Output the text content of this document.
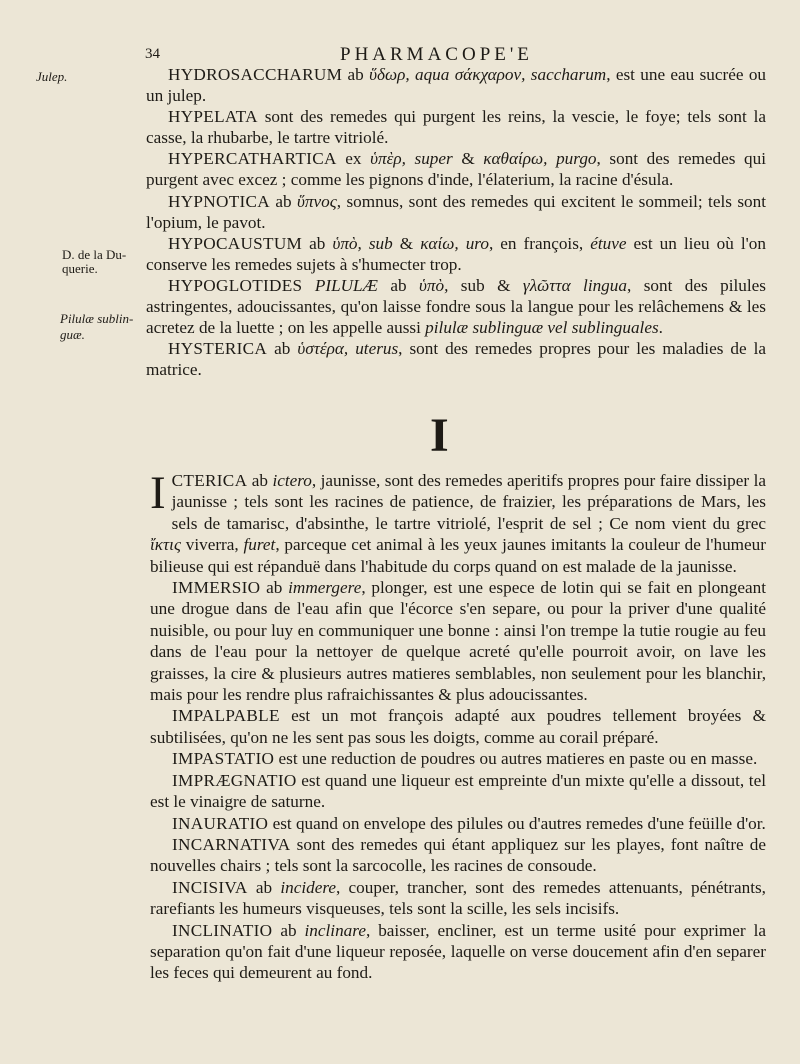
34	PHARMACOPE'E
Julep.
D. de la Du-
querie.
Pilulæ sublin-
guæ.

HYDROSACCHARUM ab ὕδωρ, aqua σάκχαρον, saccharum, est une eau sucrée ou un julep.

HYPELATA sont des remedes qui purgent les reins, la vescie, le foye; tels sont la casse, la rhubarbe, le tartre vitriolé.

HYPERCATHARTICA ex ὑπὲρ, super & καθαίρω, purgo, sont des remedes qui purgent avec excez ; comme les pignons d'inde, l'élaterium, la racine d'ésula.

HYPNOTICA ab ὕπνος, somnus, sont des remedes qui excitent le sommeil; tels sont l'opium, le pavot.

HYPOCAUSTUM ab ὑπὸ, sub & καίω, uro, en françois, étuve est un lieu où l'on conserve les remedes sujets à s'humecter trop.

HYPOGLOTIDES PILULÆ ab ὑπὸ, sub & γλῶττα lingua, sont des pilules astringentes, adoucissantes, qu'on laisse fondre sous la langue pour les relâchemens & les acretez de la luette ; on les appelle aussi pilulæ sublinguæ vel sublinguales.

HYSTERICA ab ὑστέρα, uterus, sont des remedes propres pour les maladies de la matrice.

I

ICTERICA ab ictero, jaunisse, sont des remedes aperitifs propres pour faire dissiper la jaunisse ; tels sont les racines de patience, de fraizier, les préparations de Mars, les sels de tamarisc, d'absinthe, le tartre vitriolé, l'esprit de sel ; Ce nom vient du grec ἴκτις viverra, furet, parceque cet animal à les yeux jaunes imitants la couleur de l'humeur bilieuse qui est répanduë dans l'habitude du corps quand on est malade de la jaunisse.

IMMERSIO ab immergere, plonger, est une espece de lotin qui se fait en plongeant une drogue dans de l'eau afin que l'écorce s'en separe, ou pour la priver d'une qualité nuisible, ou pour luy en communiquer une bonne : ainsi l'on trempe la tutie rougie au feu dans de l'eau pour la nettoyer de quelque acreté qu'elle pourroit avoir, on lave les graisses, la cire & plusieurs autres matieres semblables, non seulement pour les blanchir, mais pour les rendre plus rafraichissantes & plus adoucissantes.

IMPALPABLE est un mot françois adapté aux poudres tellement broyées & subtilisées, qu'on ne les sent pas sous les doigts, comme au corail préparé.

IMPASTATIO est une reduction de poudres ou autres matieres en paste ou en masse.

IMPRÆGNATIO est quand une liqueur est empreinte d'un mixte qu'elle a dissout, tel est le vinaigre de saturne.

INAURATIO est quand on envelope des pilules ou d'autres remedes d'une feüille d'or.

INCARNATIVA sont des remedes qui étant appliquez sur les playes, font naître de nouvelles chairs ; tels sont la sarcocolle, les racines de consoude.

INCISIVA ab incidere, couper, trancher, sont des remedes attenuants, pénétrants, rarefiants les humeurs visqueuses, tels sont la scille, les sels incisifs.

INCLINATIO ab inclinare, baisser, encliner, est un terme usité pour exprimer la separation qu'on fait d'une liqueur reposée, laquelle on verse doucement afin d'en separer les feces qui demeurent au fond.
